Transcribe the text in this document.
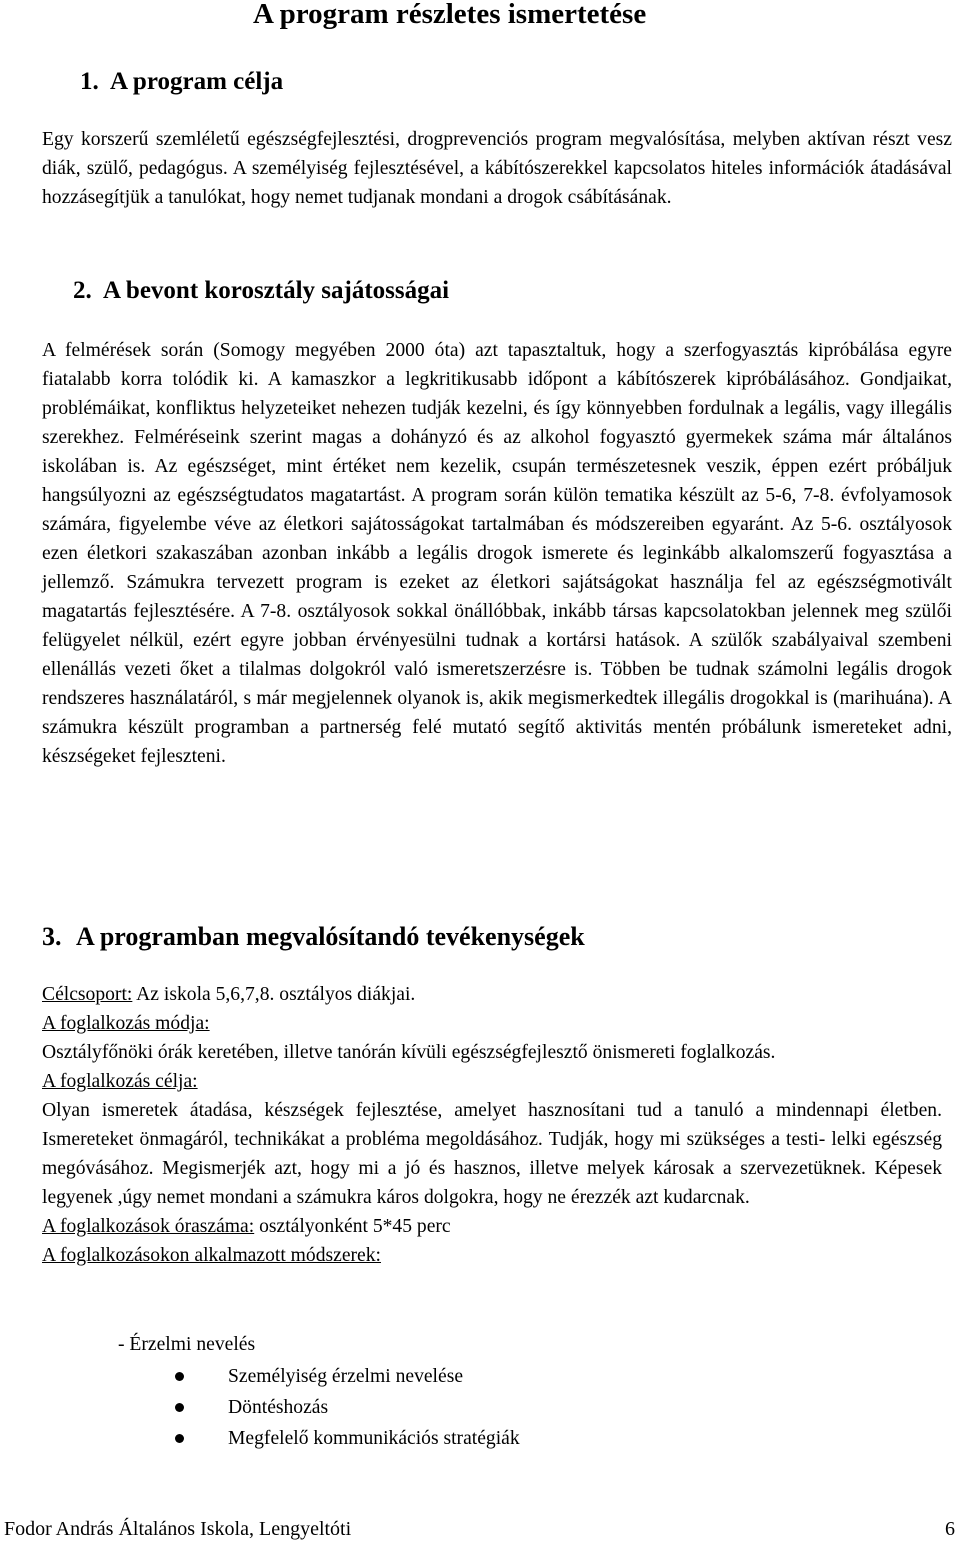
A program részletes ismertetése
1. A program célja

Egy korszerű szemléletű egészségfejlesztési, drogprevenciós program megvalósítása, melyben aktívan részt vesz diák, szülő, pedagógus. A személyiség fejlesztésével, a kábítószerekkel kapcsolatos hiteles információk átadásával hozzásegítjük a tanulókat, hogy nemet tudjanak mondani a drogok csábításának.

2. A bevont korosztály sajátosságai

A felmérések során (Somogy megyében 2000 óta) azt tapasztaltuk, hogy a szerfogyasztás kipróbálása egyre fiatalabb korra tolódik ki. A kamaszkor a legkritikusabb időpont a kábítószerek kipróbálásához. Gondjaikat, problémáikat, konfliktus helyzeteiket nehezen tudják kezelni, és így könnyebben fordulnak a legális, vagy illegális szerekhez. Felméréseink szerint magas a dohányzó és az alkohol fogyasztó gyermekek száma már általános iskolában is. Az egészséget, mint értéket nem kezelik, csupán természetesnek veszik, éppen ezért próbáljuk hangsúlyozni az egészségtudatos magatartást. A program során külön tematika készült az 5-6, 7-8. évfolyamosok számára, figyelembe véve az életkori sajátosságokat tartalmában és módszereiben egyaránt. Az 5-6. osztályosok ezen életkori szakaszában azonban inkább a legális drogok ismerete és leginkább alkalomszerű fogyasztása a jellemző. Számukra tervezett program is ezeket az életkori sajátságokat használja fel az egészségmotivált magatartás fejlesztésére. A 7-8. osztályosok sokkal önállóbbak, inkább társas kapcsolatokban jelennek meg szülői felügyelet nélkül, ezért egyre jobban érvényesülni tudnak a kortársi hatások. A szülők szabályaival szembeni ellenállás vezeti őket a tilalmas dolgokról való ismeretszerzésre is. Többen be tudnak számolni legális drogok rendszeres használatáról, s már megjelennek olyanok is, akik megismerkedtek illegális drogokkal is (marihuána). A számukra készült programban a partnerség felé mutató segítő aktivitás mentén próbálunk ismereteket adni, készségeket fejleszteni.

3. A programban megvalósítandó tevékenységek
Célcsoport: Az iskola 5,6,7,8. osztályos diákjai.
A foglalkozás módja:
Osztályfőnöki órák keretében, illetve tanórán kívüli egészségfejlesztő önismereti foglalkozás.
A foglalkozás célja:
Olyan ismeretek átadása, készségek fejlesztése, amelyet hasznosítani tud a tanuló a mindennapi életben. Ismereteket önmagáról, technikákat a probléma megoldásához. Tudják, hogy mi szükséges a testi- lelki egészség megóvásához. Megismerjék azt, hogy mi a jó és hasznos, illetve melyek károsak a szervezetüknek. Képesek legyenek ,úgy nemet mondani a számukra káros dolgokra, hogy ne érezzék azt kudarcnak.
A foglalkozások óraszáma: osztályonként 5*45 perc
A foglalkozásokon alkalmazott módszerek:

- Érzelmi nevelés

Személyiség érzelmi nevelése
Döntéshozás
Megfelelő kommunikációs stratégiák

Fodor András Általános Iskola, Lengyeltóti	6
